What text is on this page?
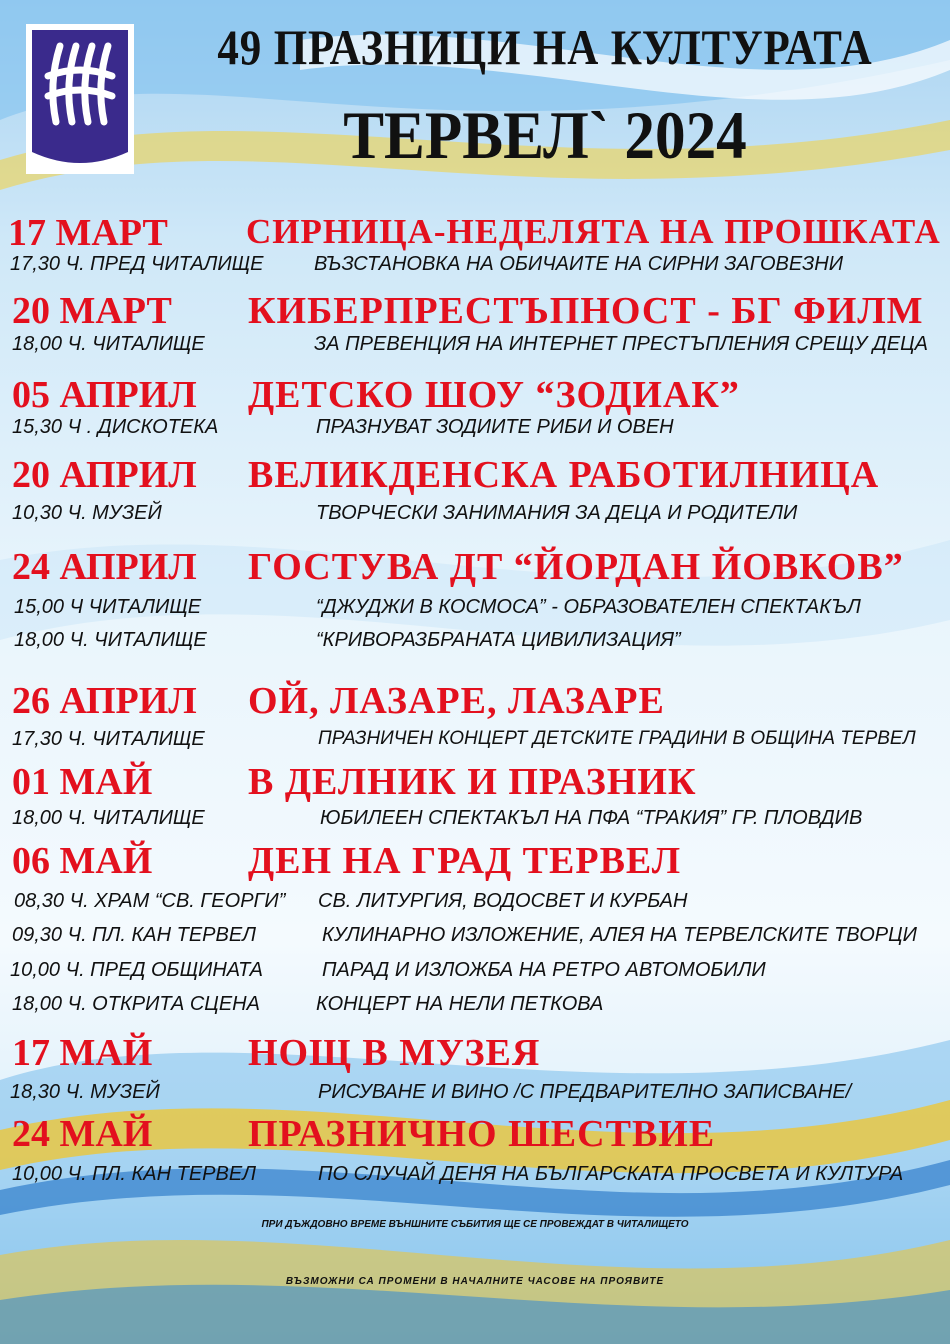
49 ПРАЗНИЦИ НА КУЛТУРАТА
ТЕРВЕЛ` 2024
17 МАРТ СИРНИЦА-НЕДЕЛЯТА НА ПРОШКАТА
17,30 Ч. ПРЕД ЧИТАЛИЩЕ	ВЪЗСТАНОВКА НА ОБИЧАИТЕ НА СИРНИ ЗАГОВЕЗНИ
20 МАРТ КИБЕРПРЕСТЪПНОСТ - БГ ФИЛМ
18,00 Ч. ЧИТАЛИЩЕ	ЗА ПРЕВЕНЦИЯ НА ИНТЕРНЕТ ПРЕСТЪПЛЕНИЯ СРЕЩУ ДЕЦА
05 АПРИЛ ДЕТСКО ШОУ “ЗОДИАК”
15,30 Ч . ДИСКОТЕКА	ПРАЗНУВАТ ЗОДИИТЕ РИБИ И ОВЕН
20 АПРИЛ ВЕЛИКДЕНСКА РАБОТИЛНИЦА
10,30 Ч. МУЗЕЙ	ТВОРЧЕСКИ ЗАНИМАНИЯ ЗА ДЕЦА И РОДИТЕЛИ
24 АПРИЛ ГОСТУВА ДТ “ЙОРДАН ЙОВКОВ”
15,00 Ч ЧИТАЛИЩЕ	“ДЖУДЖИ В КОСМОСА” - ОБРАЗОВАТЕЛЕН СПЕКТАКЪЛ
18,00 Ч. ЧИТАЛИЩЕ	“КРИВОРАЗБРАНАТА ЦИВИЛИЗАЦИЯ”
26 АПРИЛ ОЙ, ЛАЗАРЕ, ЛАЗАРЕ
17,30 Ч. ЧИТАЛИЩЕ	ПРАЗНИЧЕН КОНЦЕРТ ДЕТСКИТЕ ГРАДИНИ В ОБЩИНА ТЕРВЕЛ
01 МАЙ	В ДЕЛНИК И ПРАЗНИК
18,00 Ч. ЧИТАЛИЩЕ	ЮБИЛЕЕН СПЕКТАКЪЛ НА ПФА “ТРАКИЯ” ГР. ПЛОВДИВ
06 МАЙ	ДЕН НА ГРАД ТЕРВЕЛ
08,30 Ч. ХРАМ “СВ. ГЕОРГИ” СВ. ЛИТУРГИЯ, ВОДОСВЕТ И КУРБАН
09,30 Ч. ПЛ. КАН ТЕРВЕЛ	КУЛИНАРНО ИЗЛОЖЕНИЕ, АЛЕЯ НА ТЕРВЕЛСКИТЕ ТВОРЦИ
10,00 Ч. ПРЕД ОБЩИНАТА	ПАРАД И ИЗЛОЖБА НА РЕТРО АВТОМОБИЛИ
18,00 Ч. ОТКРИТА СЦЕНА	КОНЦЕРТ НА НЕЛИ ПЕТКОВА
17 МАЙ	НОЩ В МУЗЕЯ
18,30 Ч. МУЗЕЙ	РИСУВАНЕ И ВИНО /С ПРЕДВАРИТЕЛНО ЗАПИСВАНЕ/
24 МАЙ	ПРАЗНИЧНО ШЕСТВИЕ
10,00 Ч. ПЛ. КАН ТЕРВЕЛ	ПО СЛУЧАЙ ДЕНЯ НА БЪЛГАРСКАТА ПРОСВЕТА И КУЛТУРА

ПРИ ДЪЖДОВНО ВРЕМЕ ВЪНШНИТЕ СЪБИТИЯ ЩЕ СЕ ПРОВЕЖДАТ В ЧИТАЛИЩЕТО

ВЪЗМОЖНИ СА ПРОМЕНИ В НАЧАЛНИТЕ ЧАСОВЕ НА ПРОЯВИТЕ
